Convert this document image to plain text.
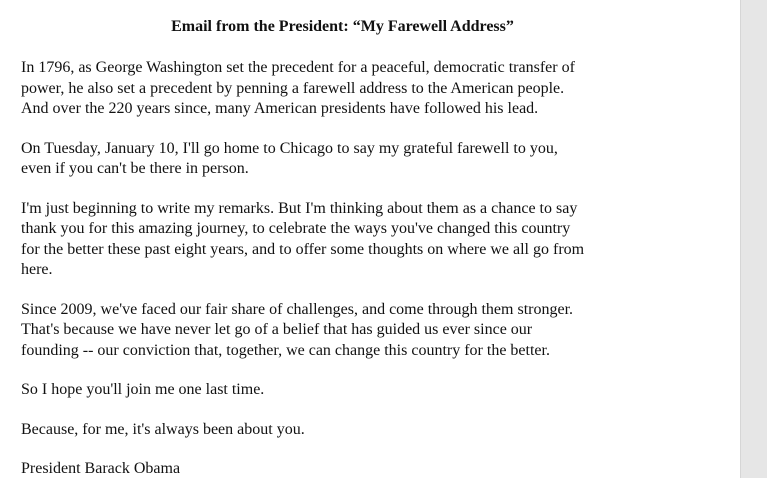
Email from the President: “My Farewell Address”

In 1796, as George Washington set the precedent for a peaceful, democratic transfer of
power, he also set a precedent by penning a farewell address to the American people.
And over the 220 years since, many American presidents have followed his lead.

On Tuesday, January 10, I'll go home to Chicago to say my grateful farewell to you,
even if you can't be there in person.

I'm just beginning to write my remarks. But I'm thinking about them as a chance to say
thank you for this amazing journey, to celebrate the ways you've changed this country
for the better these past eight years, and to offer some thoughts on where we all go from
here.

Since 2009, we've faced our fair share of challenges, and come through them stronger.
That's because we have never let go of a belief that has guided us ever since our
founding -- our conviction that, together, we can change this country for the better.

So I hope you'll join me one last time.

Because, for me, it's always been about you.

President Barack Obama
